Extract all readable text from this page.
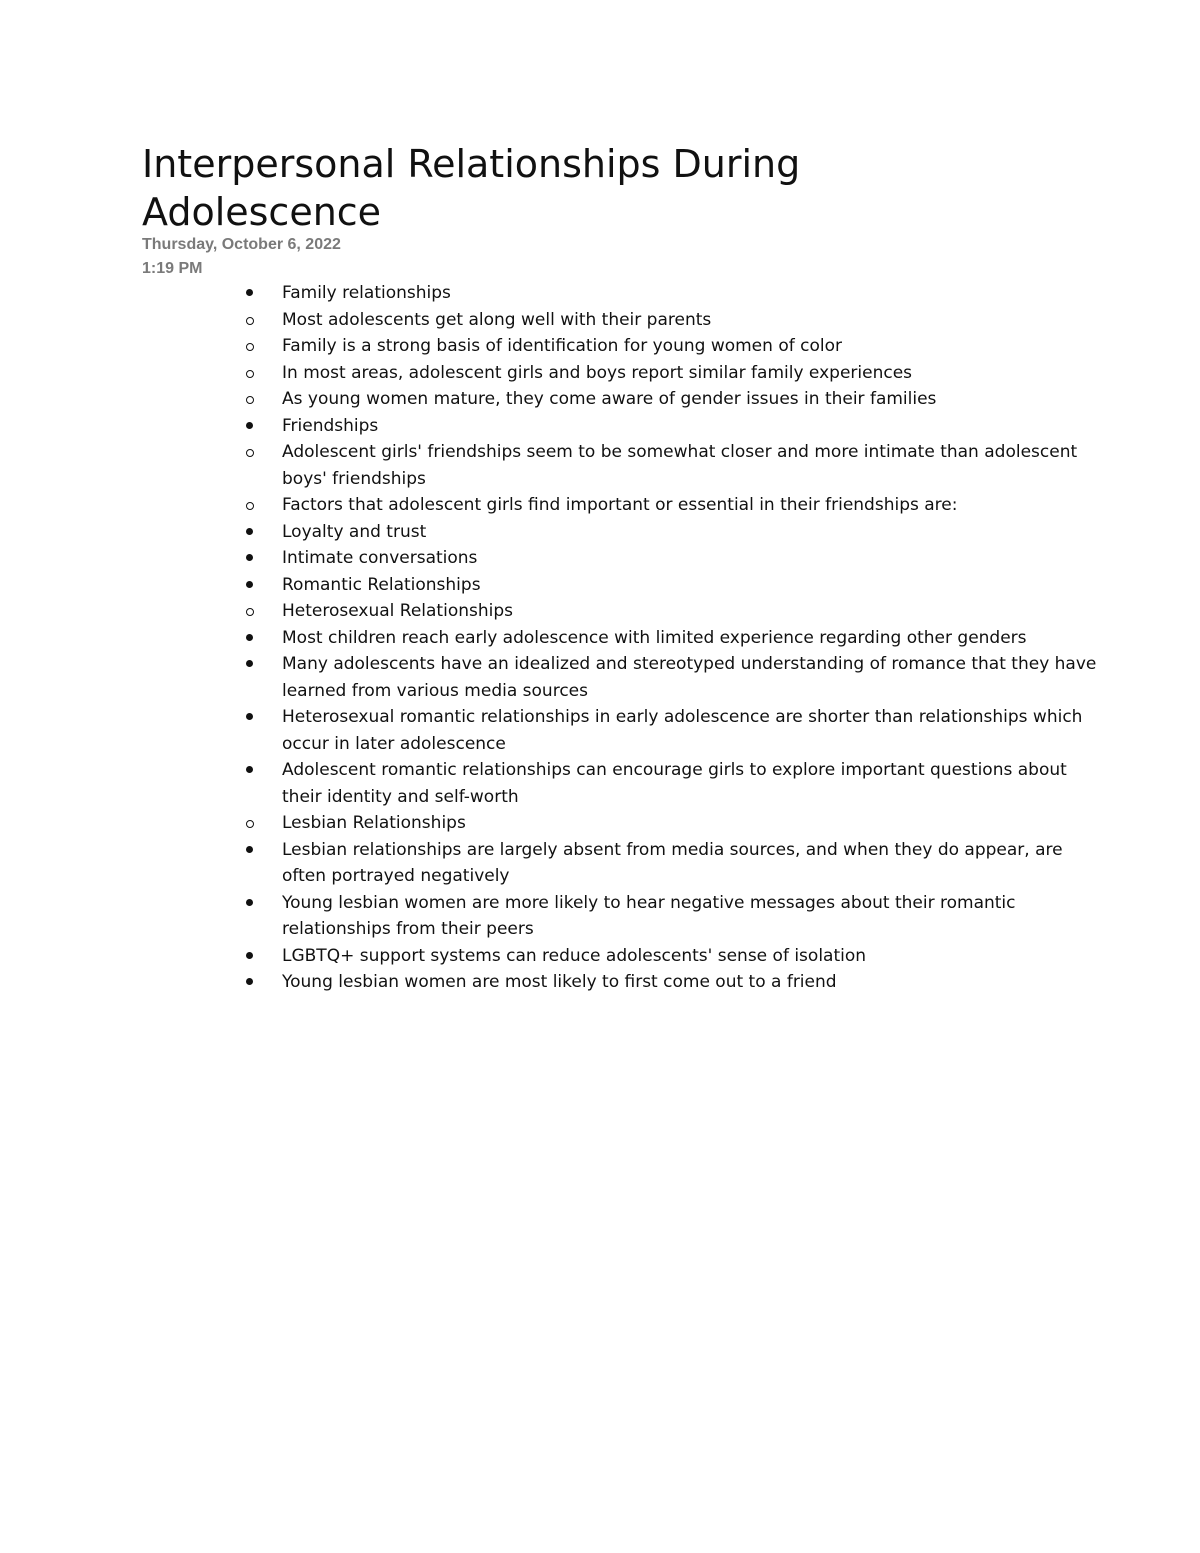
Interpersonal Relationships During Adolescence
Thursday, October 6, 2022
1:19 PM
Family relationships
Most adolescents get along well with their parents
Family is a strong basis of identification for young women of color
In most areas, adolescent girls and boys report similar family experiences
As young women mature, they come aware of gender issues in their families
Friendships
Adolescent girls' friendships seem to be somewhat closer and more intimate than adolescent boys' friendships
Factors that adolescent girls find important or essential in their friendships are:
Loyalty and trust
Intimate conversations
Romantic Relationships
Heterosexual Relationships
Most children reach early adolescence with limited experience regarding other genders
Many adolescents have an idealized and stereotyped understanding of romance that they have learned from various media sources
Heterosexual romantic relationships in early adolescence are shorter than relationships which occur in later adolescence
Adolescent romantic relationships can encourage girls to explore important questions about their identity and self-worth
Lesbian Relationships
Lesbian relationships are largely absent from media sources, and when they do appear, are often portrayed negatively
Young lesbian women are more likely to hear negative messages about their romantic relationships from their peers
LGBTQ+ support systems can reduce adolescents' sense of isolation
Young lesbian women are most likely to first come out to a friend
